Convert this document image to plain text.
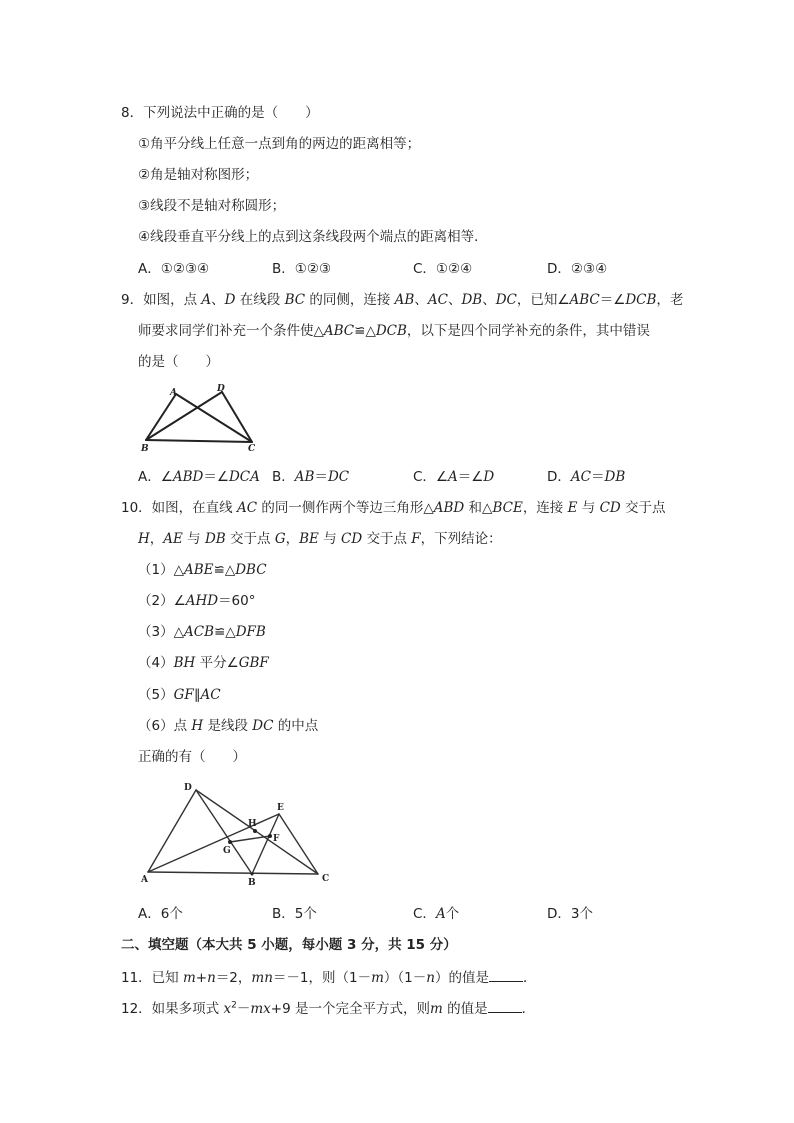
8．下列说法中正确的是（　　）
①角平分线上任意一点到角的两边的距离相等；
②角是轴对称图形；
③线段不是轴对称圆形；
④线段垂直平分线上的点到这条线段两个端点的距离相等．
A．①②③④	B．①②③	C．①②④	D．②③④
9．如图，点 A、D 在线段 BC 的同侧，连接 AB、AC、DB、DC，已知∠ABC＝∠DCB，老
师要求同学们补充一个条件使△ABC≌△DCB，以下是四个同学补充的条件，其中错误
的是（　　）
A	D
B	C
A．∠ABD＝∠DCA B．AB＝DC	C．∠A＝∠D	D．AC＝DB
10．如图，在直线 AC 的同一侧作两个等边三角形△ABD 和△BCE，连接 E 与 CD 交于点
H，AE 与 DB 交于点 G，BE 与 CD 交于点 F，下列结论：
（1）△ABE≌△DBC
（2）∠AHD＝60°
（3）△ACB≌△DFB
（4）BH 平分∠GBF
（5）GF∥AC
（6）点 H 是线段 DC 的中点
正确的有（　　）
D
E
H
F
G
A	B	C
A．6个	B．5个	C．A个	D．3个
二、填空题（本大共 5 小题，每小题 3 分，共 15 分）
11．已知 m+n＝2，mn＝－1，则（1－m）（1－n）的值是	．
12．如果多项式 $x^2-mx+9$ 是一个完全平方式，则m 的值是	．
